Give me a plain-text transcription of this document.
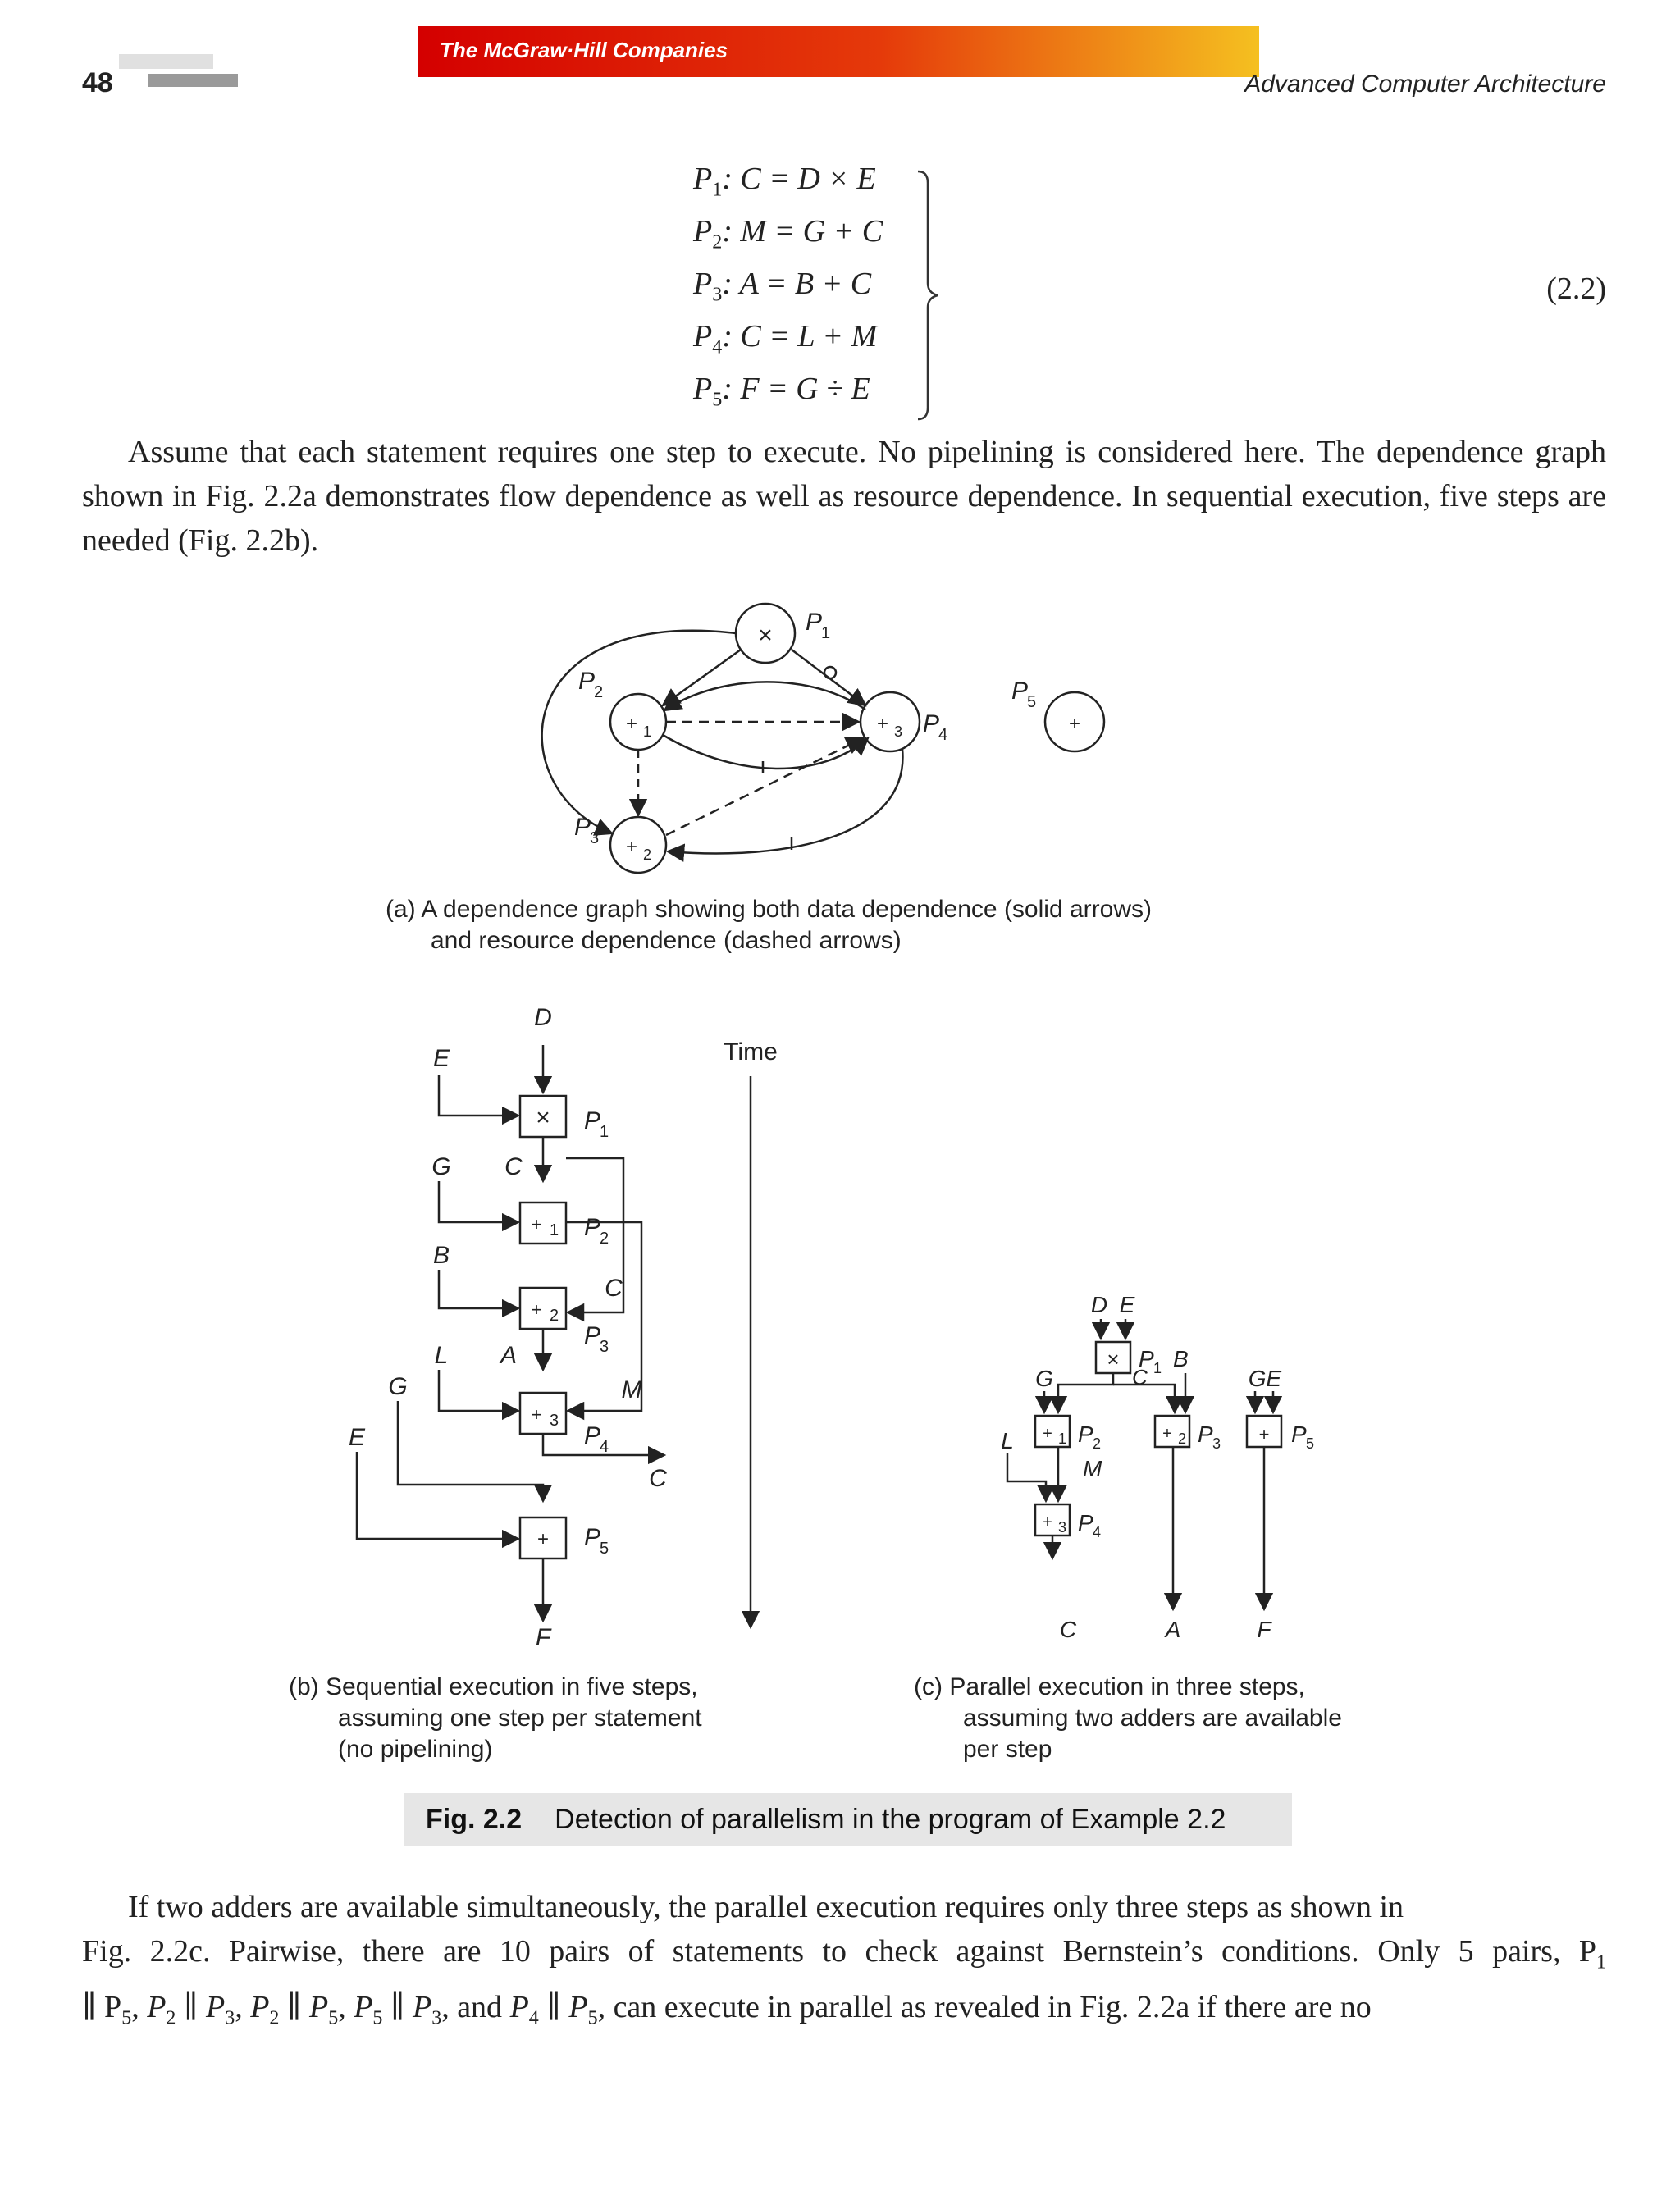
48
The McGraw·Hill Companies
Advanced Computer Architecture
$P_1$: C = D × E
$P_2$: M = G + C
$P_3$: A = B + C
$P_4$: C = L + M
$P_5$: F = G ÷ E
(2.2)

Assume that each statement requires one step to execute. No pipelining is considered here. The dependence graph shown in Fig. 2.2a demonstrates flow dependence as well as resource dependence. In sequential execution, five steps are needed (Fig. 2.2b).

× P
1
+ 1
P
2
+ 2
P
3
+ 3 P
4	+
P
5
(a) A dependence graph showing both data dependence (solid arrows)
and resource dependence (dashed arrows)
D
E
× P
1
G C
+ 1 P
2
B
C
+ 2
P
3
L A
M
G
+ 3
P
4
C
E
+ P
5
F
Time
(b) Sequential execution in five steps,
assuming one step per statement
(no pipelining)
D E
× P 1 B
C
G	GE
+ 1 P 2
+ 2 P 3 + P 5
L
M
+ 3 P 4
C	A	F
(c) Parallel execution in three steps,
assuming two adders are available
per step
Fig. 2.2 Detection of parallelism in the program of Example 2.2

If two adders are available simultaneously, the parallel execution requires only three steps as shown in

Fig. 2.2c. Pairwise, there are 10 pairs of statements to check against Bernstein’s conditions. Only 5 pairs, $P_1$
∥ $P_5$, $P_2$ ∥ $P_3$, $P_2$ ∥ $P_5$, $P_5$ ∥ $P_3$, and $P_4$ ∥ $P_5$, can execute in parallel as revealed in Fig. 2.2a if there are no
